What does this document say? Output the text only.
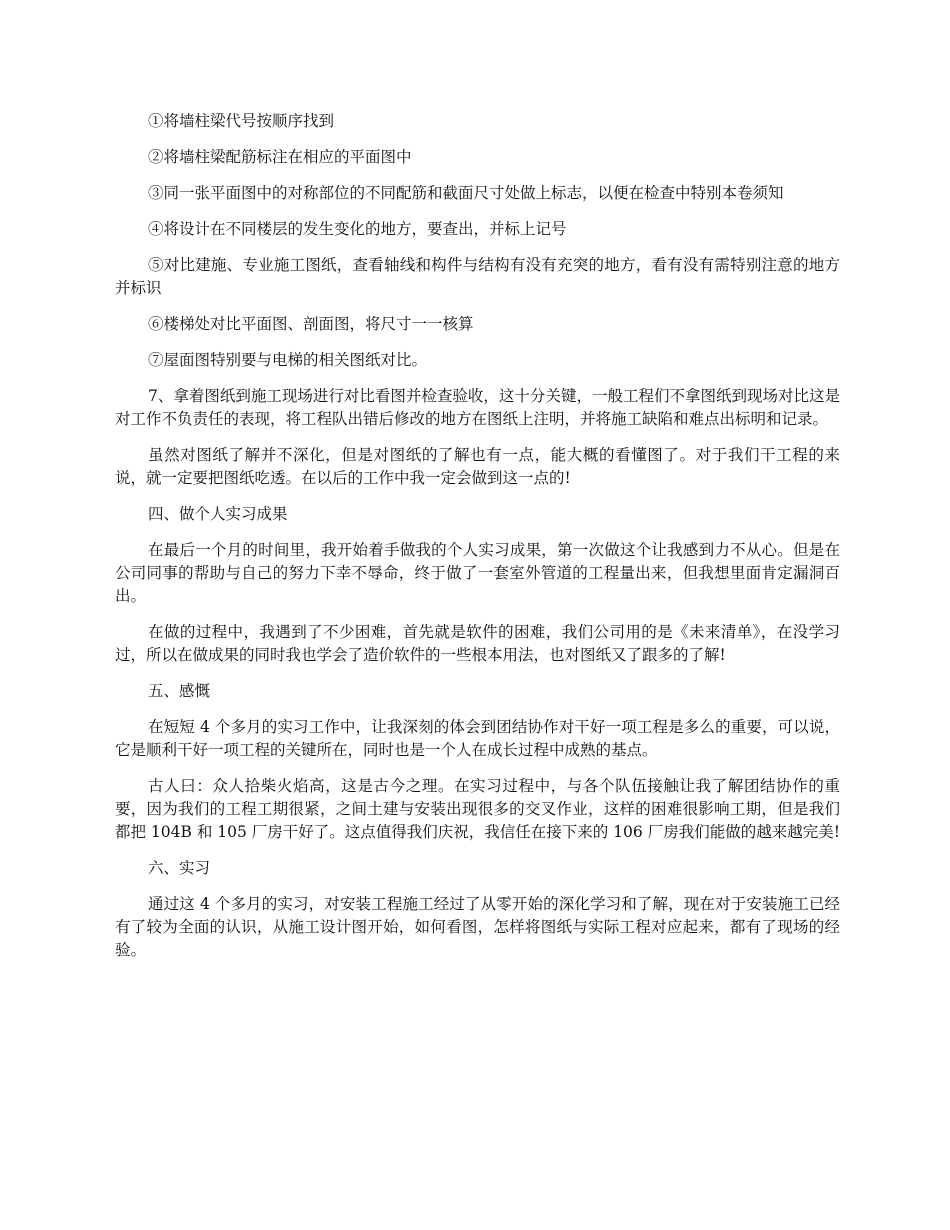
①将墙柱梁代号按顺序找到

②将墙柱梁配筋标注在相应的平面图中

③同一张平面图中的对称部位的不同配筋和截面尺寸处做上标志，以便在检查中特别本卷须知

④将设计在不同楼层的发生变化的地方，要查出，并标上记号

⑤对比建施、专业施工图纸，查看轴线和构件与结构有没有充突的地方，看有没有需特别注意的地方并标识

⑥楼梯处对比平面图、剖面图，将尺寸一一核算

⑦屋面图特别要与电梯的相关图纸对比。

7、拿着图纸到施工现场进行对比看图并检查验收，这十分关键，一般工程们不拿图纸到现场对比这是对工作不负责任的表现，将工程队出错后修改的地方在图纸上注明，并将施工缺陷和难点出标明和记录。

虽然对图纸了解并不深化，但是对图纸的了解也有一点，能大概的看懂图了。对于我们干工程的来说，就一定要把图纸吃透。在以后的工作中我一定会做到这一点的!

四、做个人实习成果

在最后一个月的时间里，我开始着手做我的个人实习成果，第一次做这个让我感到力不从心。但是在公司同事的帮助与自己的努力下幸不辱命，终于做了一套室外管道的工程量出来，但我想里面肯定漏洞百出。

在做的过程中，我遇到了不少困难，首先就是软件的困难，我们公司用的是《未来清单》，在没学习过，所以在做成果的同时我也学会了造价软件的一些根本用法，也对图纸又了跟多的了解!

五、感慨

在短短 4 个多月的实习工作中，让我深刻的体会到团结协作对干好一项工程是多么的重要，可以说，它是顺利干好一项工程的关键所在，同时也是一个人在成长过程中成熟的基点。

古人曰：众人拾柴火焰高，这是古今之理。在实习过程中，与各个队伍接触让我了解团结协作的重要，因为我们的工程工期很紧，之间土建与安装出现很多的交叉作业，这样的困难很影响工期，但是我们都把 104B 和 105 厂房干好了。这点值得我们庆祝，我信任在接下来的 106 厂房我们能做的越来越完美!

六、实习

通过这 4 个多月的实习，对安装工程施工经过了从零开始的深化学习和了解，现在对于安装施工已经有了较为全面的认识，从施工设计图开始，如何看图，怎样将图纸与实际工程对应起来，都有了现场的经验。
